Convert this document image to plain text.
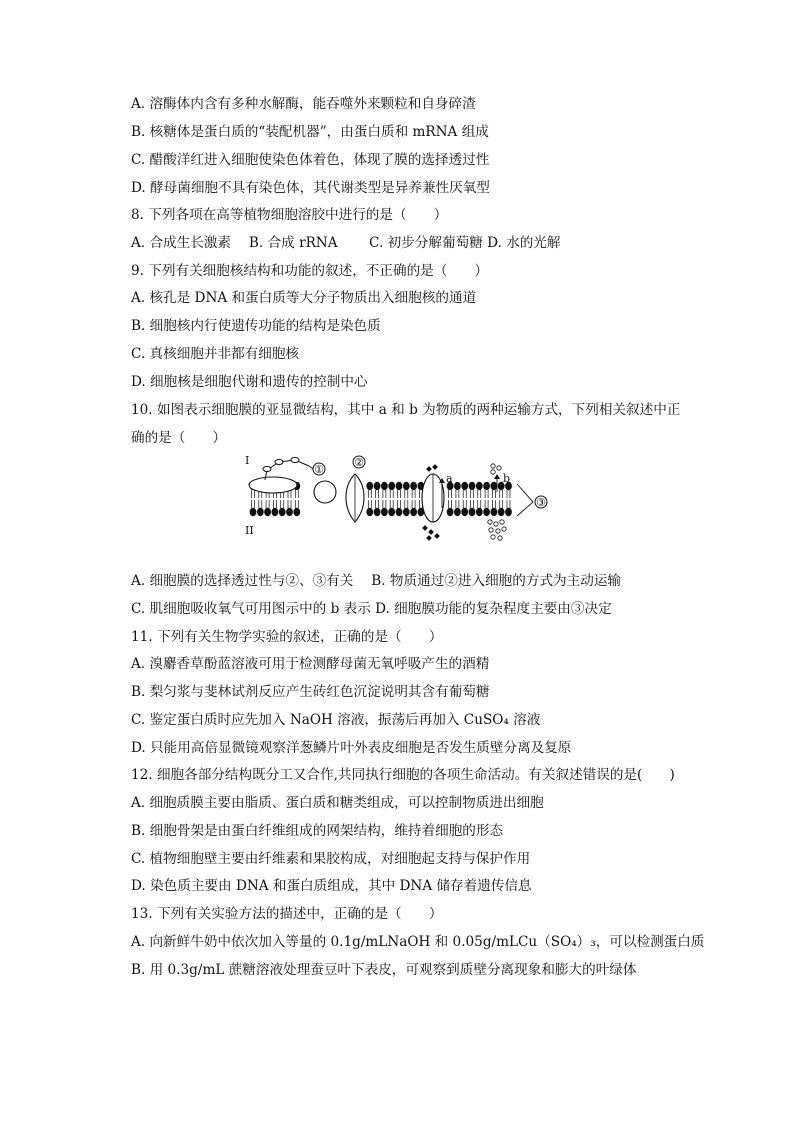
A. 溶酶体内含有多种水解酶，能吞噬外来颗粒和自身碎渣
B. 核糖体是蛋白质的“装配机器”，由蛋白质和 mRNA 组成
C. 醋酸洋红进入细胞使染色体着色，体现了膜的选择透过性
D. 酵母菌细胞不具有染色体，其代谢类型是异养兼性厌氧型
8. 下列各项在高等植物细胞溶胶中进行的是（　　）
A. 合成生长激素　 B. 合成 rRNA　　 C. 初步分解葡萄糖 D. 水的光解
9. 下列有关细胞核结构和功能的叙述，不正确的是（　　）
A. 核孔是 DNA 和蛋白质等大分子物质出入细胞核的通道
B. 细胞核内行使遗传功能的结构是染色质
C. 真核细胞并非都有细胞核
D. 细胞核是细胞代谢和遗传的控制中心
10. 如图表示细胞膜的亚显微结构，其中 a 和 b 为物质的两种运输方式，下列相关叙述中正
确的是（　　）
A. 细胞膜的选择透过性与②、③有关　 B. 物质通过②进入细胞的方式为主动运输
C. 肌细胞吸收氧气可用图示中的 b 表示 D. 细胞膜功能的复杂程度主要由③决定
11. 下列有关生物学实验的叙述，正确的是（　　）
A. 溴麝香草酚蓝溶液可用于检测酵母菌无氧呼吸产生的酒精
B. 梨匀浆与斐林试剂反应产生砖红色沉淀说明其含有葡萄糖
C. 鉴定蛋白质时应先加入 NaOH 溶液，振荡后再加入 CuSO₄ 溶液
D. 只能用高倍显微镜观察洋葱鳞片叶外表皮细胞是否发生质壁分离及复原
12. 细胞各部分结构既分工又合作,共同执行细胞的各项生命活动。有关叙述错误的是(　　)
A. 细胞质膜主要由脂质、蛋白质和糖类组成，可以控制物质进出细胞
B. 细胞骨架是由蛋白纤维组成的网架结构，维持着细胞的形态
C. 植物细胞壁主要由纤维素和果胶构成，对细胞起支持与保护作用
D. 染色质主要由 DNA 和蛋白质组成，其中 DNA 储存着遗传信息
13. 下列有关实验方法的描述中，正确的是（　　）
A. 向新鲜牛奶中依次加入等量的 0.1g/mLNaOH 和 0.05g/mLCu（SO₄）₃，可以检测蛋白质
B. 用 0.3g/mL 蔗糖溶液处理蚕豆叶下表皮，可观察到质壁分离现象和膨大的叶绿体
①
②
a	b
③
I
II
